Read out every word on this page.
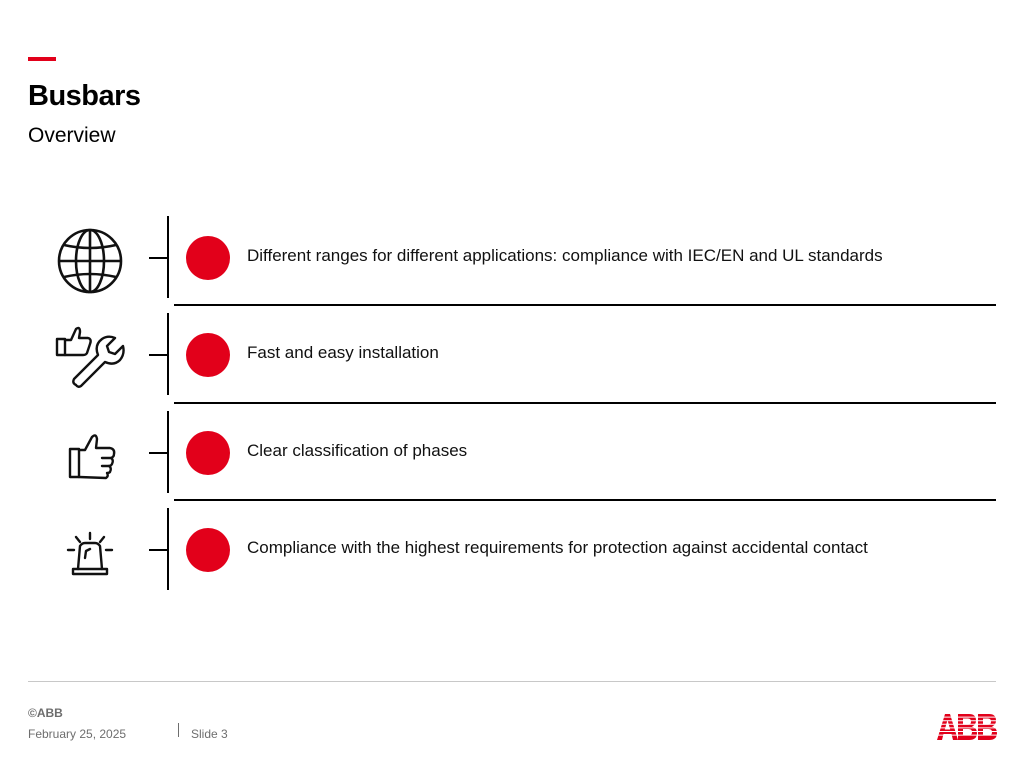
Busbars
Overview
Different ranges for different applications: compliance with IEC/EN and UL standards
Fast and easy installation
Clear classification of phases
Compliance with the highest requirements for protection against accidental contact
©ABB
February 25, 2025	Slide 3
